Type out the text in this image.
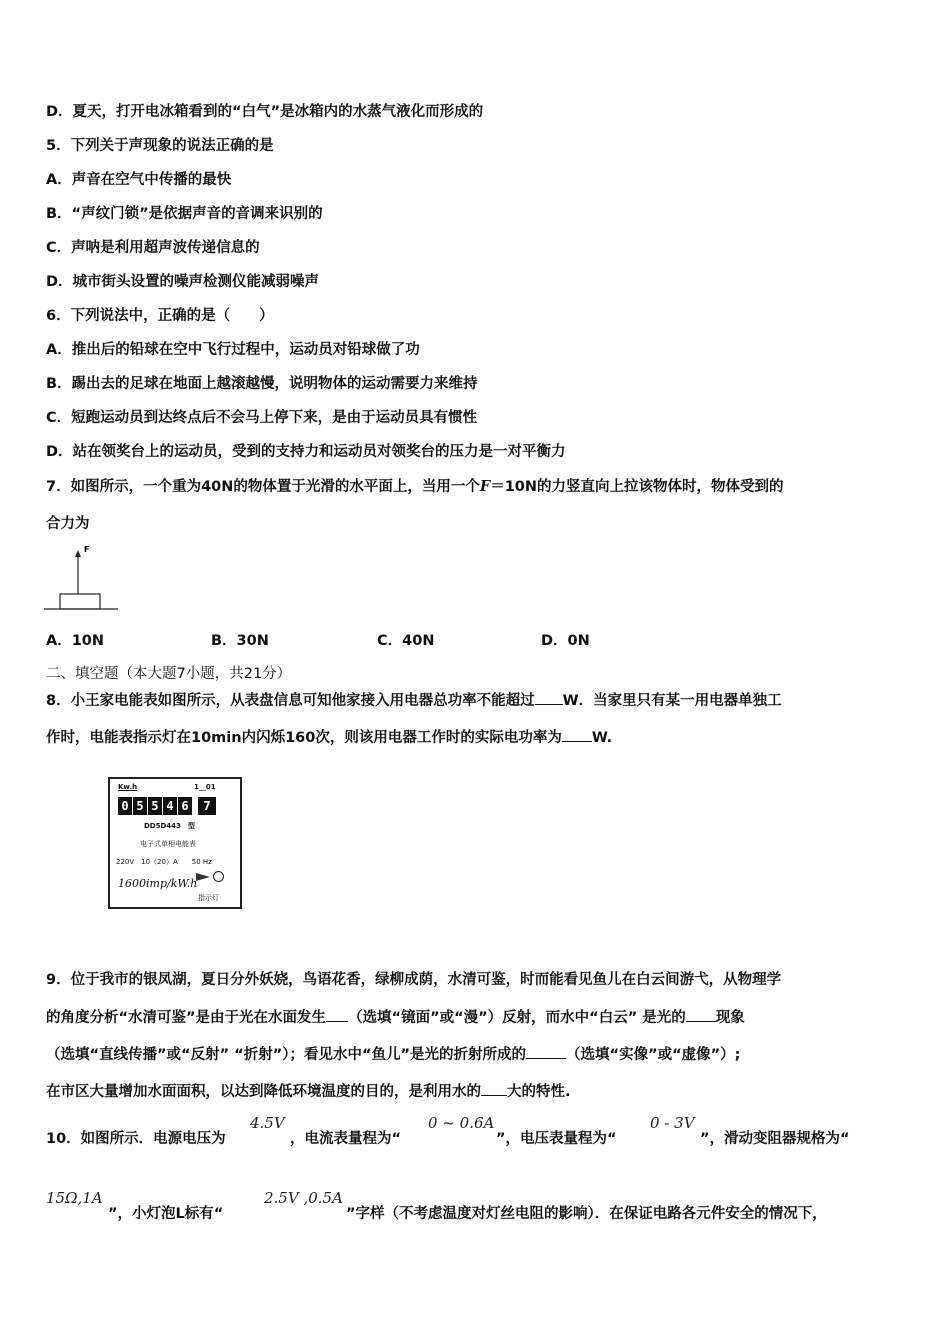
D．夏天，打开电冰箱看到的“白气”是冰箱内的水蒸气液化而形成的
5．下列关于声现象的说法正确的是
A．声音在空气中传播的最快
B．“声纹门锁”是依据声音的音调来识别的
C．声呐是利用超声波传递信息的
D．城市街头设置的噪声检测仪能减弱噪声
6．下列说法中，正确的是（　　）
A．推出后的铅球在空中飞行过程中，运动员对铅球做了功
B．踢出去的足球在地面上越滚越慢，说明物体的运动需要力来维持
C．短跑运动员到达终点后不会马上停下来，是由于运动员具有惯性
D．站在领奖台上的运动员，受到的支持力和运动员对领奖台的压力是一对平衡力
7．如图所示，一个重为40N的物体置于光滑的水平面上，当用一个F＝10N的力竖直向上拉该物体时，物体受到的
合力为
F
A．10N	B．30N	C．40N	D．0N
二、填空题（本大题7小题，共21分）
8．小王家电能表如图所示，从表盘信息可知他家接入用电器总功率不能超过 W．当家里只有某一用电器单独工
作时，电能表指示灯在10min内闪烁160次，则该用电器工作时的实际电功率为 W.
Kw.h	1__01
0 5 5 4 6	7
DD5D443　型
电子式单相电能表
220V　10（20）A　　50 Hz
1600imp/kW.h
指示灯
9．位于我市的银凤湖，夏日分外妖娆，鸟语花香，绿柳成荫，水清可鉴，时而能看见鱼儿在白云间游弋，从物理学
的角度分析“水清可鉴”是由于光在水面发生 （选填“镜面”或“漫”）反射，而水中“白云” 是光的 现象
（选填“直线传播”或“反射” “折射”）；看见水中“鱼儿”是光的折射所成的	（选填“实像”或“虚像”）;
在市区大量增加水面面积，以达到降低环境温度的目的，是利用水的 大的特性.
10．如图所示．电源电压为
4.5V
，电流表量程为“
0 ~ 0.6A
”，电压表量程为“
0 - 3V
”，滑动变阻器规格为“
15Ω,1A
”，小灯泡L标有“
2.5V ,0.5A
”字样（不考虑温度对灯丝电阻的影响）．在保证电路各元件安全的情况下，
